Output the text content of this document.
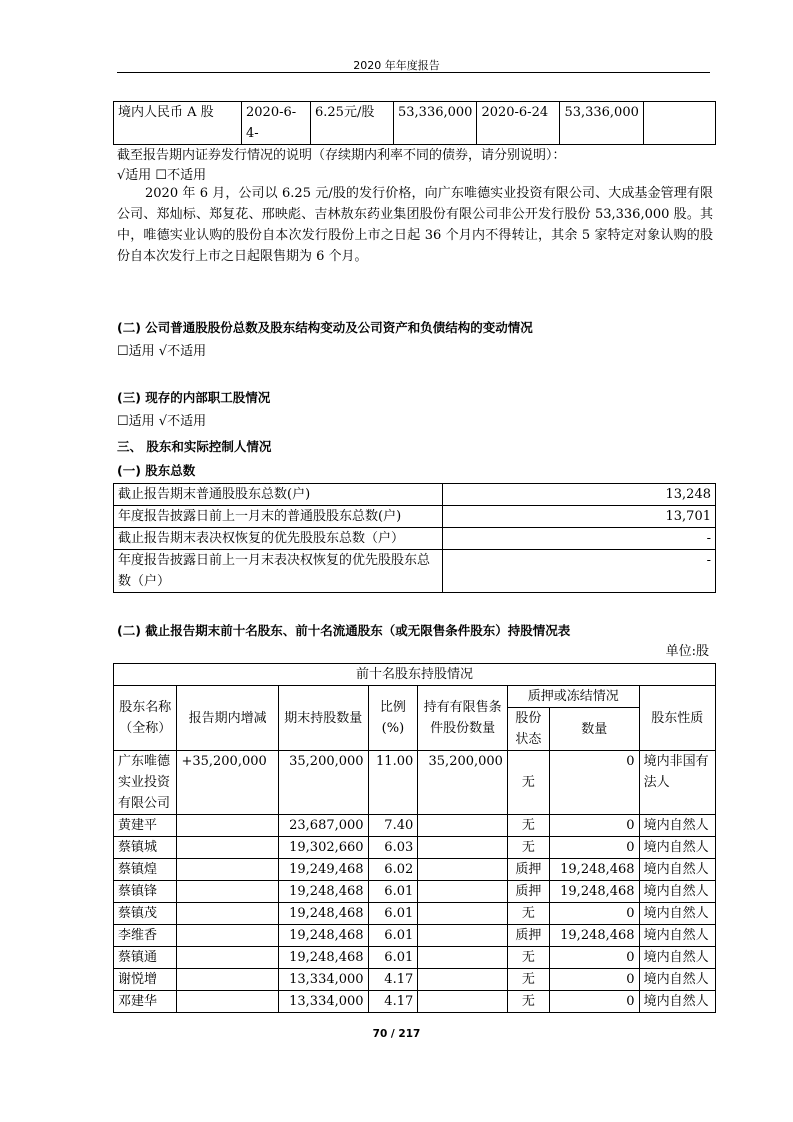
2020 年年度报告
境内人民币 A 股	2020-6-4-	6.25元/股	53,336,000	2020-6-24	53,336,000	
截至报告期内证券发行情况的说明（存续期内利率不同的债券，请分别说明）：
√适用 ☐不适用
2020 年 6 月，公司以 6.25 元/股的发行价格，向广东唯德实业投资有限公司、大成基金管理有限公司、郑灿标、郑复花、邢映彪、吉林敖东药业集团股份有限公司非公开发行股份 53,336,000 股。其中，唯德实业认购的股份自本次发行股份上市之日起 36 个月内不得转让，其余 5 家特定对象认购的股份自本次发行上市之日起限售期为 6 个月。
(二) 公司普通股股份总数及股东结构变动及公司资产和负债结构的变动情况
☐适用 √不适用
(三) 现存的内部职工股情况
☐适用 √不适用
三、 股东和实际控制人情况
(一) 股东总数
截止报告期末普通股股东总数(户)	13,248
年度报告披露日前上一月末的普通股股东总数(户)	13,701
截止报告期末表决权恢复的优先股股东总数（户）	-
年度报告披露日前上一月末表决权恢复的优先股股东总数（户）	-
(二) 截止报告期末前十名股东、前十名流通股东（或无限售条件股东）持股情况表
单位:股
前十名股东持股情况							
股东名称（全称）	报告期内增减	期末持股数量	比例(%)	持有有限售条件股份数量	质押或冻结情况		股东性质
					股份状态	数量	
广东唯德实业投资有限公司	+35,200,000	35,200,000	11.00	35,200,000	无	0	境内非国有法人
黄建平		23,687,000	7.40		无	0	境内自然人
蔡镇城		19,302,660	6.03		无	0	境内自然人
蔡镇煌		19,249,468	6.02		质押	19,248,468	境内自然人
蔡镇锋		19,248,468	6.01		质押	19,248,468	境内自然人
蔡镇茂		19,248,468	6.01		无	0	境内自然人
李维香		19,248,468	6.01		质押	19,248,468	境内自然人
蔡镇通		19,248,468	6.01		无	0	境内自然人
谢悦增		13,334,000	4.17		无	0	境内自然人
邓建华		13,334,000	4.17		无	0	境内自然人
70 / 217
